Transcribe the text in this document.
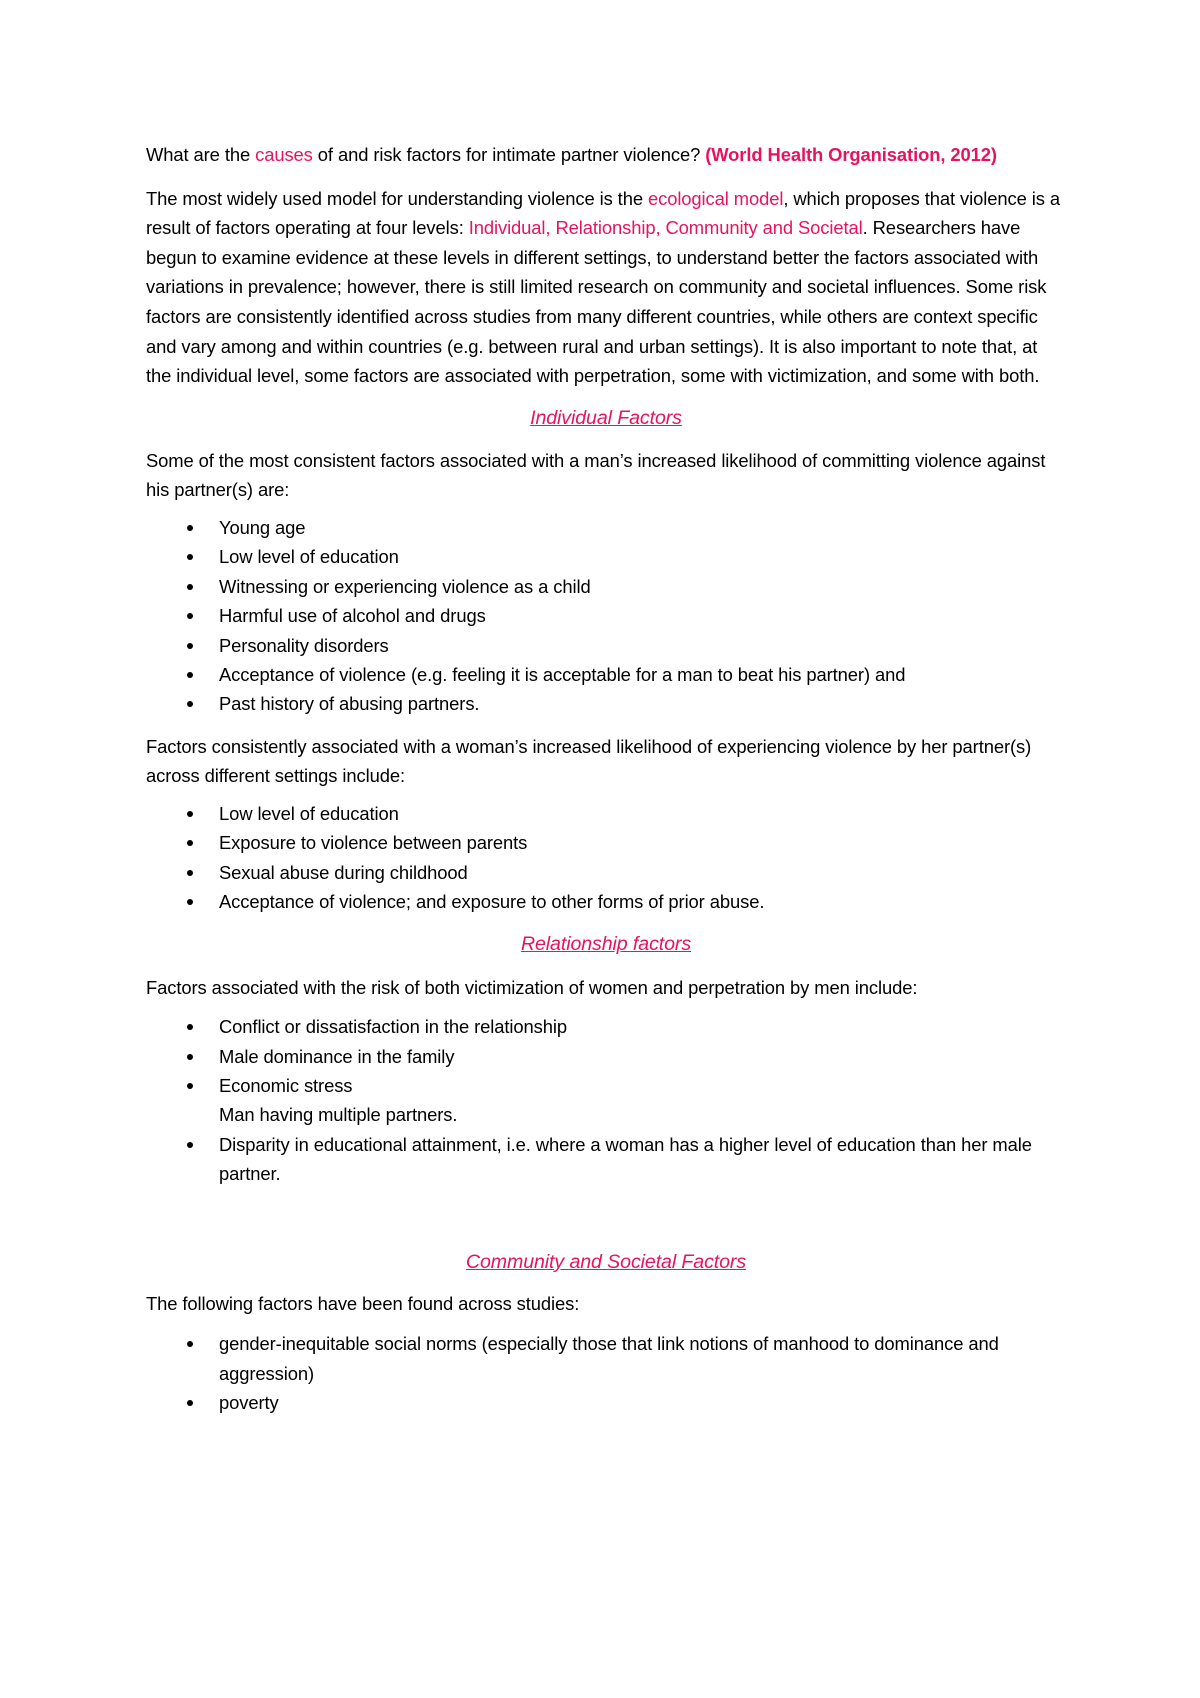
What are the causes of and risk factors for intimate partner violence? (World Health Organisation, 2012)

The most widely used model for understanding violence is the ecological model, which proposes that violence is a result of factors operating at four levels: Individual, Relationship, Community and Societal. Researchers have begun to examine evidence at these levels in different settings, to understand better the factors associated with variations in prevalence; however, there is still limited research on community and societal influences. Some risk factors are consistently identified across studies from many different countries, while others are context specific and vary among and within countries (e.g. between rural and urban settings). It is also important to note that, at the individual level, some factors are associated with perpetration, some with victimization, and some with both.

Individual Factors

Some of the most consistent factors associated with a man’s increased likelihood of committing violence against his partner(s) are:

Young age
Low level of education
Witnessing or experiencing violence as a child
Harmful use of alcohol and drugs
Personality disorders
Acceptance of violence (e.g. feeling it is acceptable for a man to beat his partner) and
Past history of abusing partners.

Factors consistently associated with a woman’s increased likelihood of experiencing violence by her partner(s) across different settings include:

Low level of education
Exposure to violence between parents
Sexual abuse during childhood
Acceptance of violence; and exposure to other forms of prior abuse.

Relationship factors

Factors associated with the risk of both victimization of women and perpetration by men include:

Conflict or dissatisfaction in the relationship
Male dominance in the family
Economic stress
Man having multiple partners.
Disparity in educational attainment, i.e. where a woman has a higher level of education than her male partner.

Community and Societal Factors

The following factors have been found across studies:

gender-inequitable social norms (especially those that link notions of manhood to dominance and aggression)
poverty
